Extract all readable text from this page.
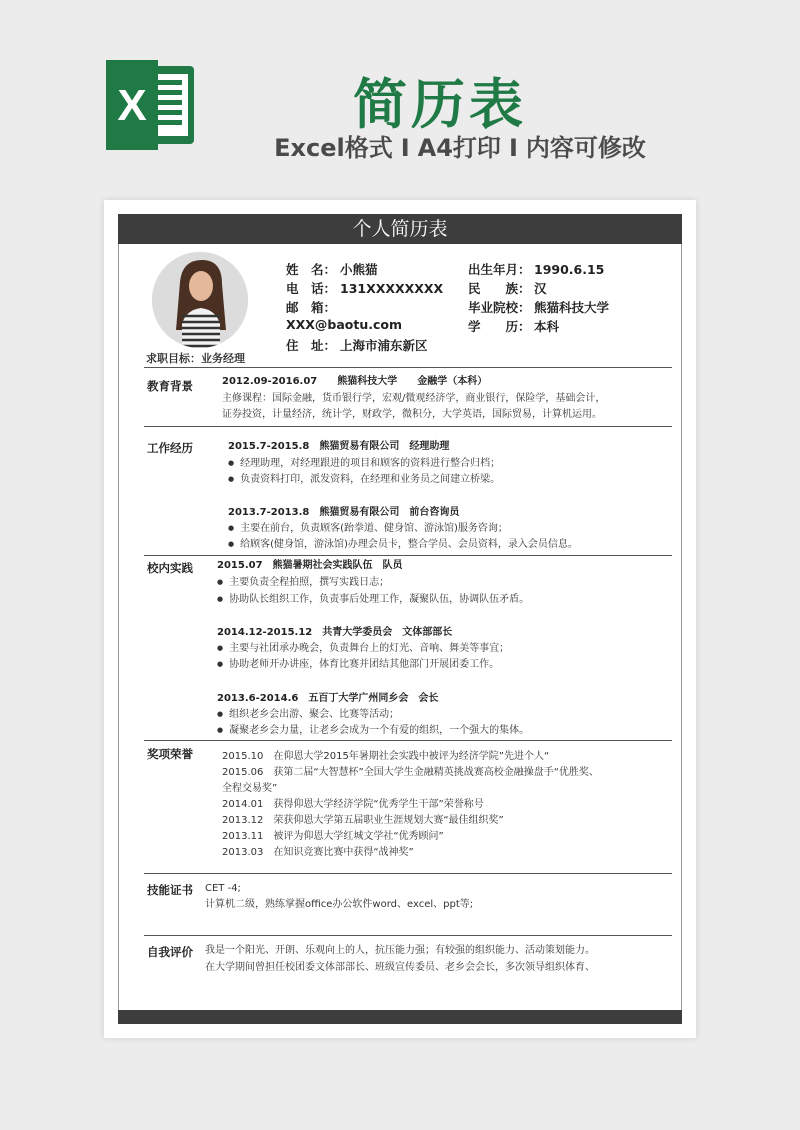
X	简历表
Excel格式 I A4打印 I 内容可修改
个人简历表
姓　名： 小熊猫
电　话： 131XXXXXXXX
邮　箱：
XXX@baotu.com
住　址： 上海市浦东新区
出生年月： 1990.6.15
民　　族： 汉
毕业院校： 熊猫科技大学
学　　历： 本科
求职目标：业务经理
教育背景	2012.09-2016.07　　熊猫科技大学　　金融学（本科）
主修课程：国际金融，货币银行学，宏观/微观经济学，商业银行，保险学，基础会计，
证券投资，计量经济，统计学，财政学，微积分，大学英语，国际贸易，计算机运用。
工作经历	2015.7-2015.8　熊猫贸易有限公司　经理助理
● 经理助理，对经理跟进的项目和顾客的资料进行整合归档；
● 负责资料打印，派发资料，在经理和业务员之间建立桥梁。
2013.7-2013.8　熊猫贸易有限公司　前台咨询员
● 主要在前台，负责顾客(跆拳道、健身馆、游泳馆)服务咨询；
● 给顾客(健身馆，游泳馆)办理会员卡，整合学员、会员资料，录入会员信息。
校内实践 2015.07　熊猫暑期社会实践队伍　队员
● 主要负责全程拍照，撰写实践日志；
● 协助队长组织工作，负责事后处理工作，凝聚队伍，协调队伍矛盾。
2014.12-2015.12　共青大学委员会　文体部部长
● 主要与社团承办晚会，负责舞台上的灯光、音响、舞美等事宜；
● 协助老师开办讲座，体育比赛并团结其他部门开展团委工作。
2013.6-2014.6　五百丁大学广州同乡会　会长
● 组织老乡会出游、聚会、比赛等活动；
● 凝聚老乡会力量，让老乡会成为一个有爱的组织，一个强大的集体。
奖项荣誉	2015.10　在仰恩大学2015年暑期社会实践中被评为经济学院”先进个人“
2015.06　获第二届“大智慧杯”全国大学生金融精英挑战赛高校金融操盘手“优胜奖、
全程交易奖”
2014.01　获得仰恩大学经济学院“优秀学生干部”荣誉称号
2013.12　荣获仰恩大学第五届职业生涯规划大赛“最佳组织奖”
2013.11　被评为仰恩大学红城文学社“优秀顾问”
2013.03　在知识竞赛比赛中获得“战神奖”
技能证书 CET -4;
计算机二级，熟练掌握office办公软件word、excel、ppt等;
自我评价 我是一个阳光、开朗、乐观向上的人，抗压能力强；有较强的组织能力、活动策划能力。
在大学期间曾担任校团委文体部部长、班级宣传委员、老乡会会长，多次领导组织体育、
